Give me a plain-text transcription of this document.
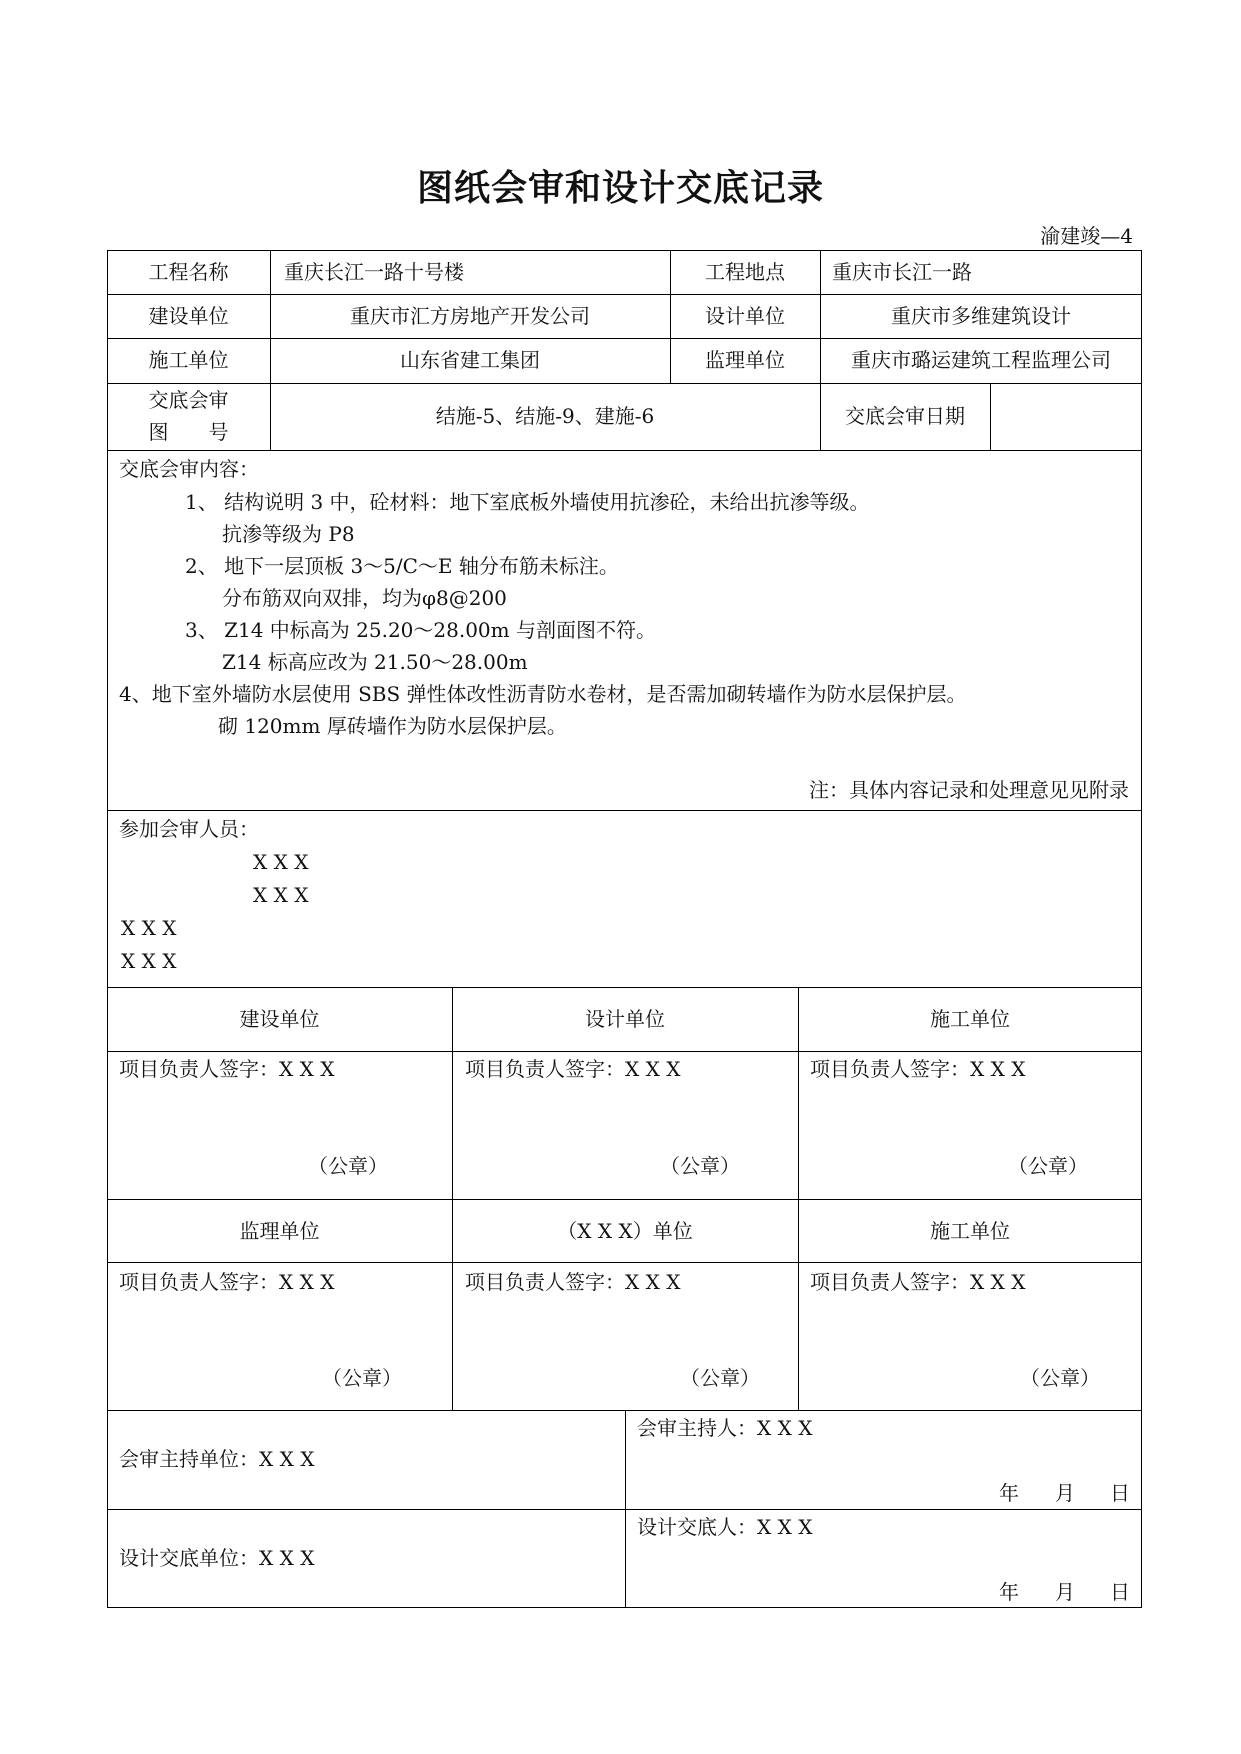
图纸会审和设计交底记录
渝建竣—4
工程名称	重庆长江一路十号楼	工程地点	重庆市长江一路
建设单位	重庆市汇方房地产开发公司	设计单位	重庆市多维建筑设计
施工单位	山东省建工集团	监理单位	重庆市璐运建筑工程监理公司
交底会审
图　　号
结施-5、结施-9、建施-6	交底会审日期
交底会审内容：
1、 结构说明 3 中，砼材料：地下室底板外墙使用抗渗砼，未给出抗渗等级。
抗渗等级为 P8
2、 地下一层顶板 3～5/C～E 轴分布筋未标注。
分布筋双向双排，均为φ8@200
3、 Z14 中标高为 25.20～28.00m 与剖面图不符。
Z14 标高应改为 21.50～28.00m
4、地下室外墙防水层使用 SBS 弹性体改性沥青防水卷材，是否需加砌转墙作为防水层保护层。
砌 120mm 厚砖墙作为防水层保护层。
注：具体内容记录和处理意见见附录
参加会审人员：
X X X
X X X
X X X
X X X
建设单位	设计单位	施工单位
项目负责人签字：X X X	项目负责人签字：X X X	项目负责人签字：X X X
（公章）	（公章）	（公章）
监理单位	（X X X）单位	施工单位
项目负责人签字：X X X	项目负责人签字：X X X	项目负责人签字：X X X
（公章）	（公章）	（公章）
会审主持单位：X X X
会审主持人：X X X
年 月 日
设计交底单位：X X X
设计交底人：X X X
年 月 日
